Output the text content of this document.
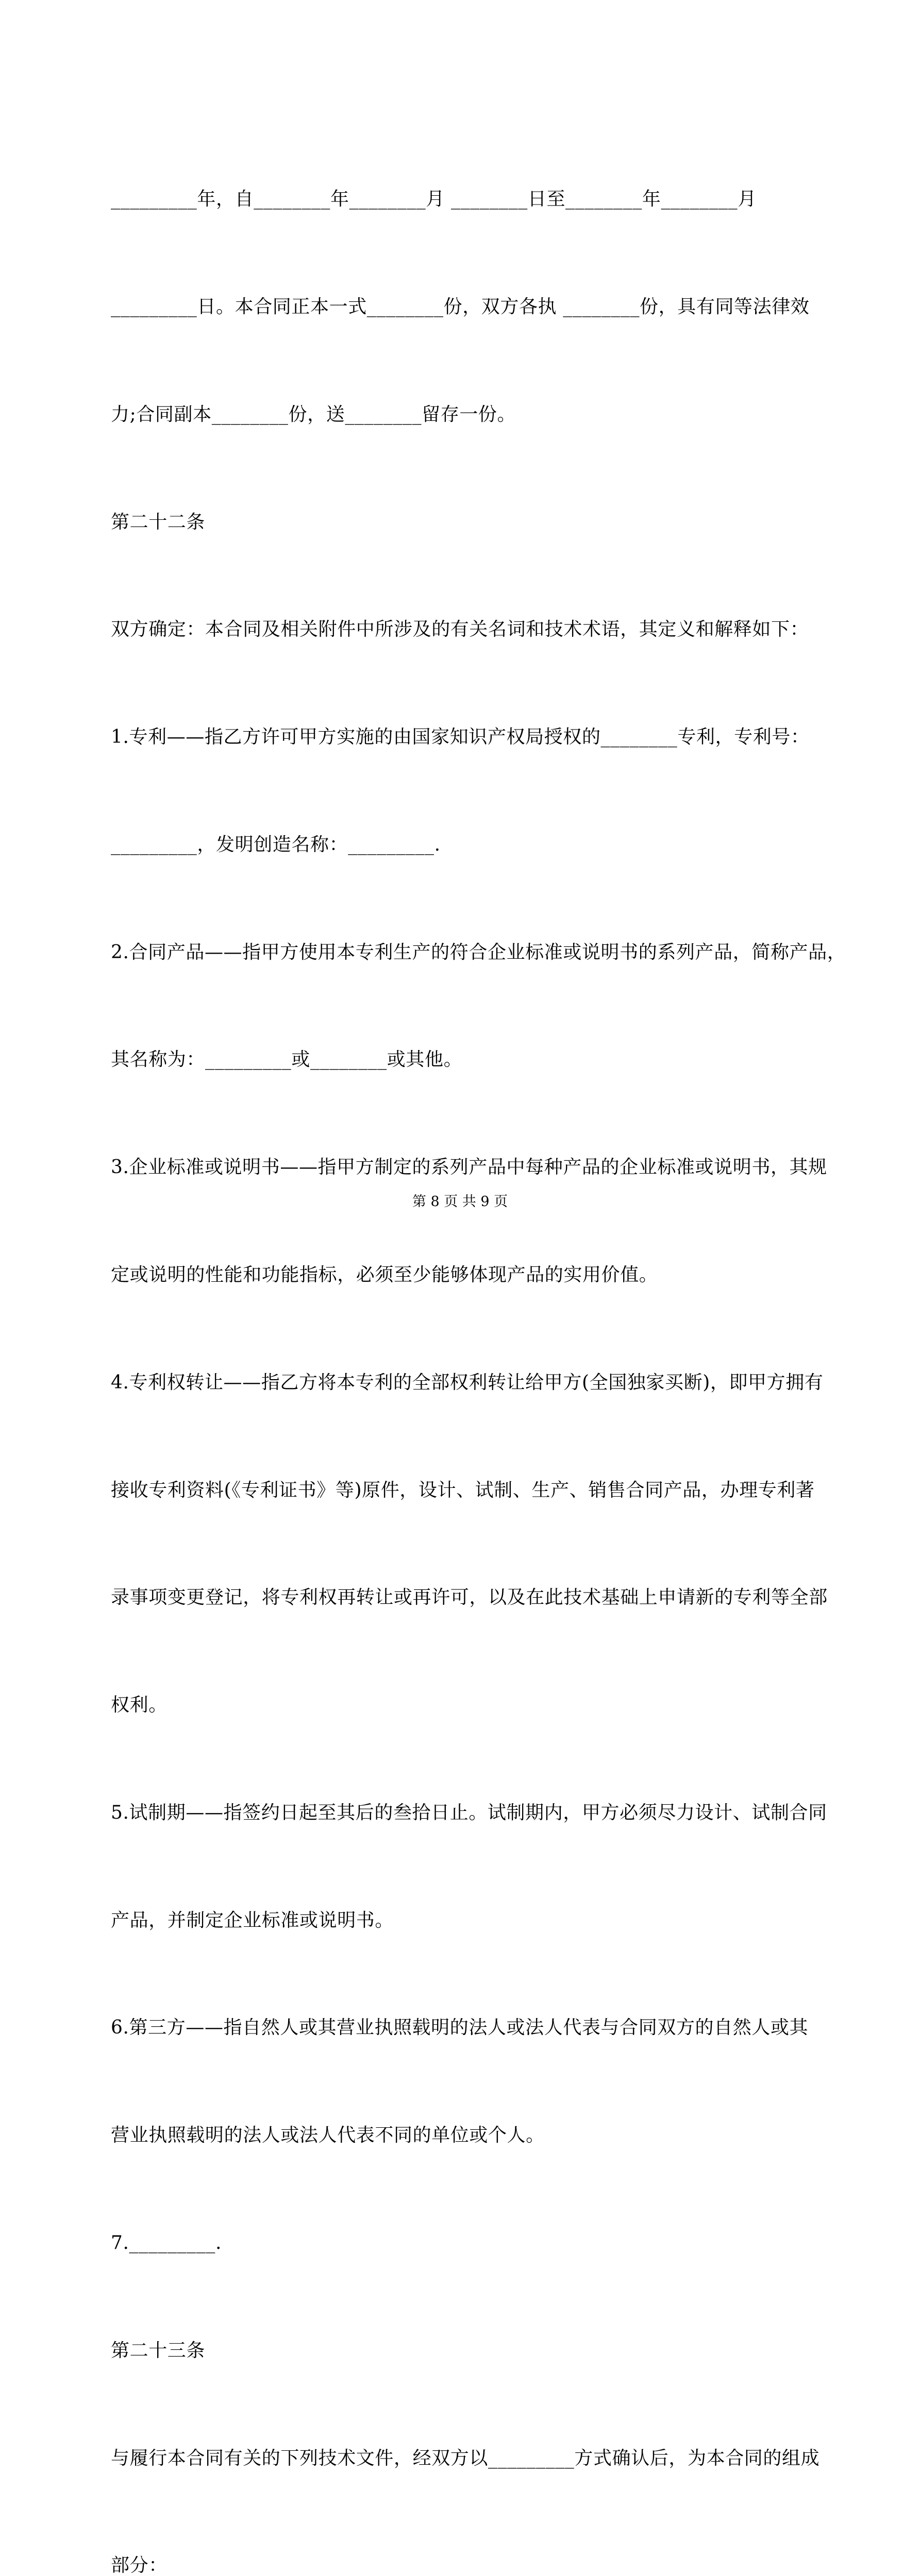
_________年，自________年________月 ________日至________年________月

_________日。本合同正本一式________份，双方各执 ________份，具有同等法律效

力;合同副本________份，送________留存一份。

第二十二条

双方确定：本合同及相关附件中所涉及的有关名词和技术术语，其定义和解释如下：

1.专利——指乙方许可甲方实施的由国家知识产权局授权的________专利，专利号：

_________，发明创造名称：_________.

2.合同产品——指甲方使用本专利生产的符合企业标准或说明书的系列产品，简称产品，

其名称为：_________或________或其他。

3.企业标准或说明书——指甲方制定的系列产品中每种产品的企业标准或说明书，其规

定或说明的性能和功能指标，必须至少能够体现产品的实用价值。

4.专利权转让——指乙方将本专利的全部权利转让给甲方(全国独家买断)，即甲方拥有

接收专利资料(《专利证书》等)原件，设计、试制、生产、销售合同产品，办理专利著

录事项变更登记，将专利权再转让或再许可，以及在此技术基础上申请新的专利等全部

权利。

5.试制期——指签约日起至其后的叁拾日止。试制期内，甲方必须尽力设计、试制合同

产品，并制定企业标准或说明书。

6.第三方——指自然人或其营业执照载明的法人或法人代表与合同双方的自然人或其

营业执照载明的法人或法人代表不同的单位或个人。

7._________.

第二十三条

与履行本合同有关的下列技术文件，经双方以_________方式确认后，为本合同的组成

部分：

第 8 页 共 9 页
